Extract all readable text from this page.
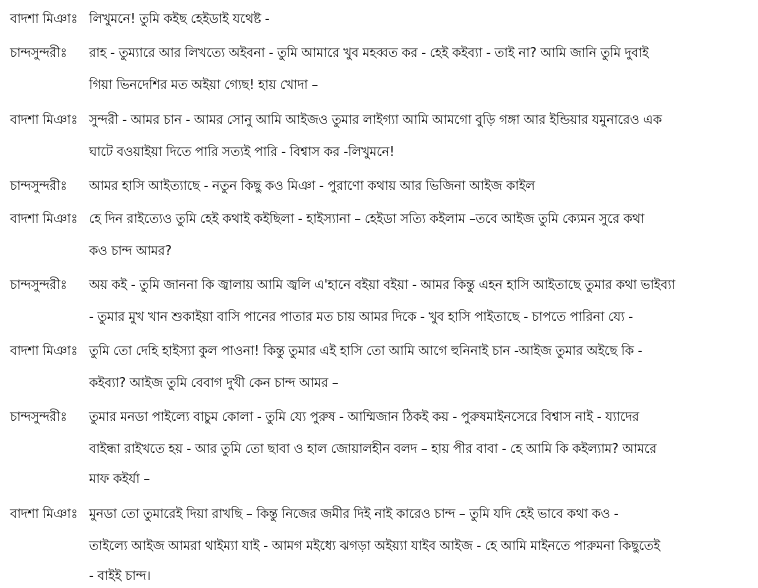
বাদশা মিঞাঃ লিখুমনে! তুমি কইছ হেইডাই যথেষ্ট -
চান্দসুন্দরীঃ রাহ - তুম্যারে আর লিখত্যে অইবনা - তুমি আমারে খুব মহব্বত কর - হেই কইব্যা - তাই না? আমি জানি তুমি দুবাই
গিয়া ভিনদেশির মত অইয়া গ্যেছ! হায় খোদা –
বাদশা মিঞাঃ সুন্দরী - আমর চান - আমর সোনু আমি আইজও তুমার লাইগ্যা আমি আমগো বুড়ি গঙ্গা আর ইন্ডিয়ার যমুনারেও এক
ঘাটে বওয়াইয়া দিতে পারি সত্যই পারি - বিশ্বাস কর -লিখুমনে!
চান্দসুন্দরীঃ আমর হাসি আইত্যাছে - নতুন কিছু কও মিঞা - পুরাণো কথায় আর ভিজিনা আইজ কাইল
বাদশা মিঞাঃ হে দিন রাইত্যেও তুমি হেই কথাই কইছিলা - হাইস্যানা – হেইডা সত্যি কইলাম –তবে আইজ তুমি ক্যেমন সুরে কথা
কও চান্দ আমর?
চান্দসুন্দরীঃ অয় কই - তুমি জাননা কি জ্বালায় আমি জ্বলি এ'হানে বইয়া বইয়া - আমর কিন্তু এহন হাসি আইতাছে তুমার কথা ভাইব্যা
- তুমার মুখ খান শুকাইয়া বাসি পানের পাতার মত চায় আমর দিকে - খুব হাসি পাইতাছে - চাপতে পারিনা য্যে -
বাদশা মিঞাঃ তুমি তো দেহি হাইস্যা কুল পাওনা! কিন্তু তুমার এই হাসি তো আমি আগে হুনিনাই চান -আইজ তুমার অইছে কি -
কইব্যা? আইজ তুমি বেবাগ দুখী কেন চান্দ আমর –
চান্দসুন্দরীঃ তুমার মনডা পাইল্যে বাচুম কোলা - তুমি য্যে পুরুষ - আম্মিজান ঠিকই কয় - পুরুষমাইনসেরে বিশ্বাস নাই - য্যাদের
বাইন্ধা রাইখতে হয় - আর তুমি তো ছাবা ও হাল জোয়ালহীন বলদ – হায় পীর বাবা - হে আমি কি কইল্যাম? আমরে
মাফ কইর্যা –
বাদশা মিঞাঃ মুনডা তো তুমারেই দিয়া রাখছি – কিন্তু নিজের জমীর দিই নাই কারেও চান্দ – তুমি যদি হেই ভাবে কথা কও -
তাইল্যে আইজ আমরা থাইম্যা যাই - আমগ মইধ্যে ঝগড়া অইয়্যা যাইব আইজ - হে আমি মাইনতে পারুমনা কিছুতেই
- বাইই চান্দ।
